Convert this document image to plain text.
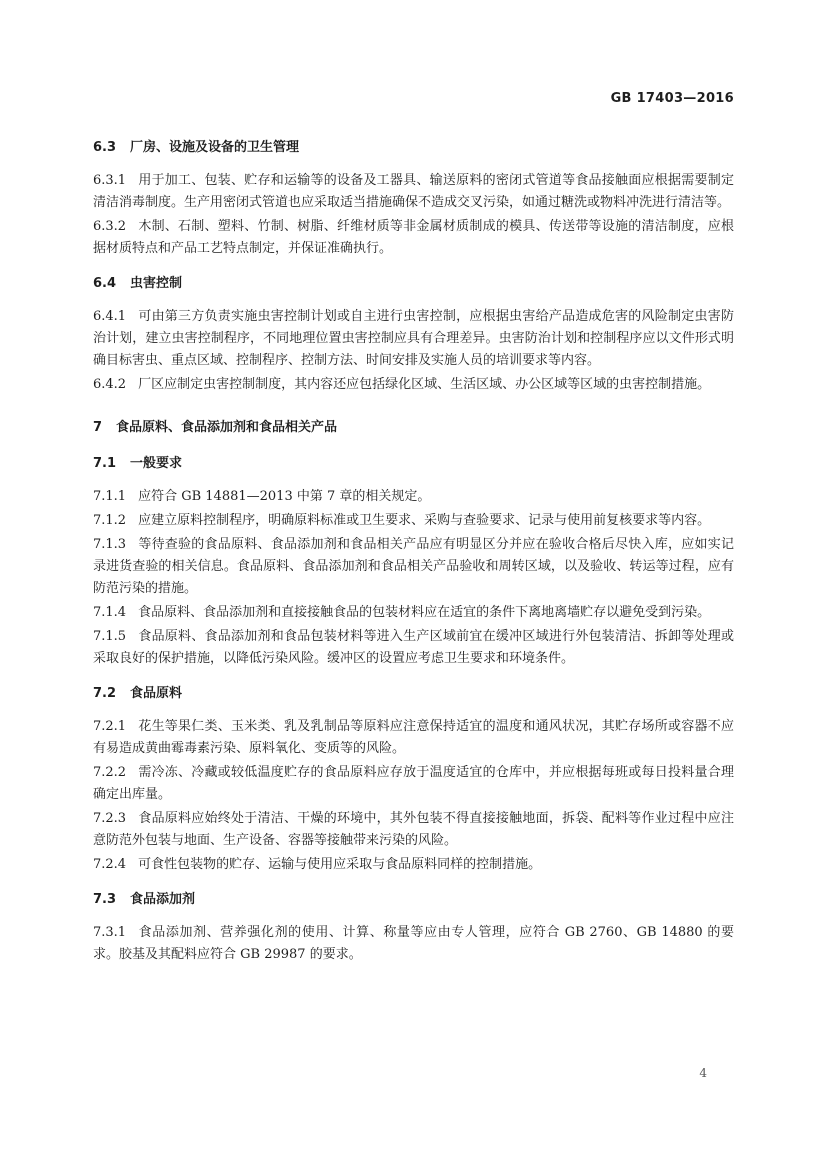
GB 17403—2016
6.3 厂房、设施及设备的卫生管理

6.3.1 用于加工、包装、贮存和运输等的设备及工器具、输送原料的密闭式管道等食品接触面应根据需要制定清洁消毒制度。生产用密闭式管道也应采取适当措施确保不造成交叉污染，如通过糖洗或物料冲洗进行清洁等。

6.3.2 木制、石制、塑料、竹制、树脂、纤维材质等非金属材质制成的模具、传送带等设施的清洁制度，应根据材质特点和产品工艺特点制定，并保证准确执行。

6.4 虫害控制

6.4.1 可由第三方负责实施虫害控制计划或自主进行虫害控制，应根据虫害给产品造成危害的风险制定虫害防治计划，建立虫害控制程序，不同地理位置虫害控制应具有合理差异。虫害防治计划和控制程序应以文件形式明确目标害虫、重点区域、控制程序、控制方法、时间安排及实施人员的培训要求等内容。

6.4.2 厂区应制定虫害控制制度，其内容还应包括绿化区域、生活区域、办公区域等区域的虫害控制措施。

7 食品原料、食品添加剂和食品相关产品
7.1 一般要求

7.1.1 应符合 GB 14881—2013 中第 7 章的相关规定。

7.1.2 应建立原料控制程序，明确原料标准或卫生要求、采购与查验要求、记录与使用前复核要求等内容。

7.1.3 等待查验的食品原料、食品添加剂和食品相关产品应有明显区分并应在验收合格后尽快入库，应如实记录进货查验的相关信息。食品原料、食品添加剂和食品相关产品验收和周转区域，以及验收、转运等过程，应有防范污染的措施。

7.1.4 食品原料、食品添加剂和直接接触食品的包装材料应在适宜的条件下离地离墙贮存以避免受到污染。

7.1.5 食品原料、食品添加剂和食品包装材料等进入生产区域前宜在缓冲区域进行外包装清洁、拆卸等处理或采取良好的保护措施，以降低污染风险。缓冲区的设置应考虑卫生要求和环境条件。

7.2 食品原料

7.2.1 花生等果仁类、玉米类、乳及乳制品等原料应注意保持适宜的温度和通风状况，其贮存场所或容器不应有易造成黄曲霉毒素污染、原料氧化、变质等的风险。

7.2.2 需冷冻、冷藏或较低温度贮存的食品原料应存放于温度适宜的仓库中，并应根据每班或每日投料量合理确定出库量。

7.2.3 食品原料应始终处于清洁、干燥的环境中，其外包装不得直接接触地面，拆袋、配料等作业过程中应注意防范外包装与地面、生产设备、容器等接触带来污染的风险。

7.2.4 可食性包装物的贮存、运输与使用应采取与食品原料同样的控制措施。

7.3 食品添加剂

7.3.1 食品添加剂、营养强化剂的使用、计算、称量等应由专人管理，应符合 GB 2760、GB 14880 的要求。胶基及其配料应符合 GB 29987 的要求。

4
